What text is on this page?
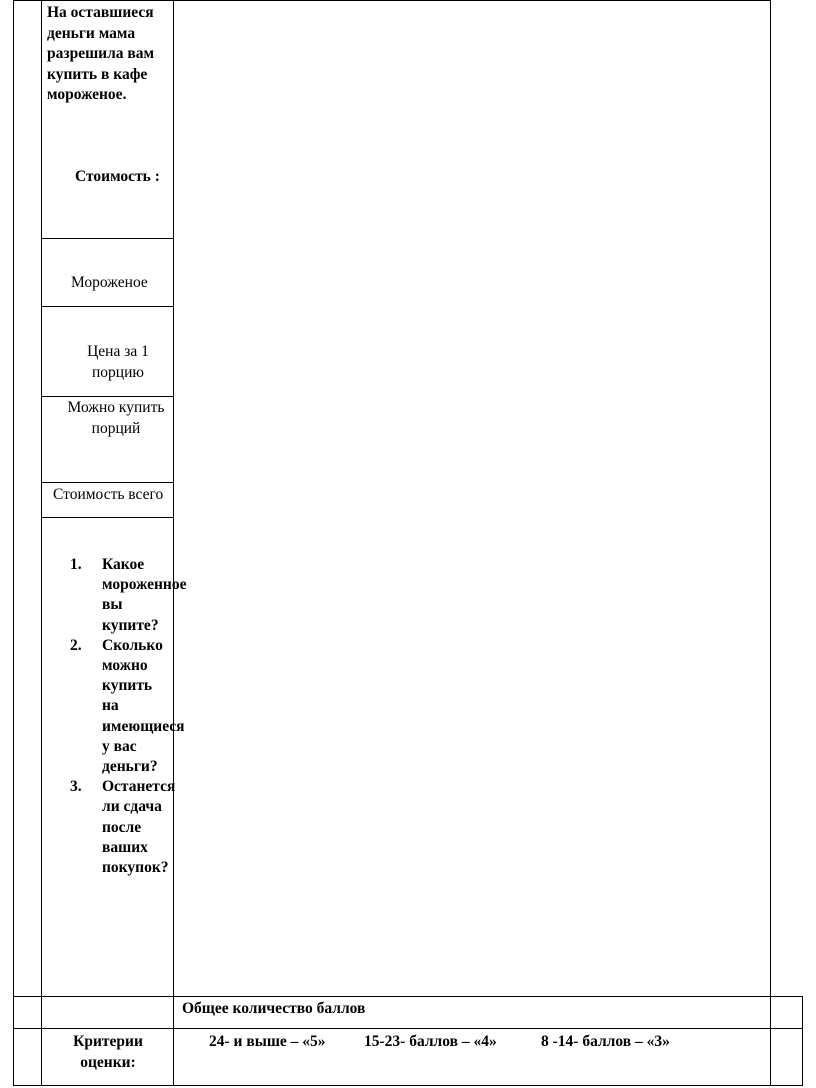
На оставшиеся деньги мама разрешила вам купить в кафе мороженое.
Стоимость :
Мороженое
Цена за 1 порцию
Можно купить порций
Стоимость всего
1. Какое мороженное вы купите?
2. Сколько можно купить на имеющиеся у вас деньги?
3. Останется ли сдача после ваших покупок?
Общее количество баллов
Критерии оценки:
24- и выше – «5» 15-23- баллов – «4»	8 -14- баллов – «3»
